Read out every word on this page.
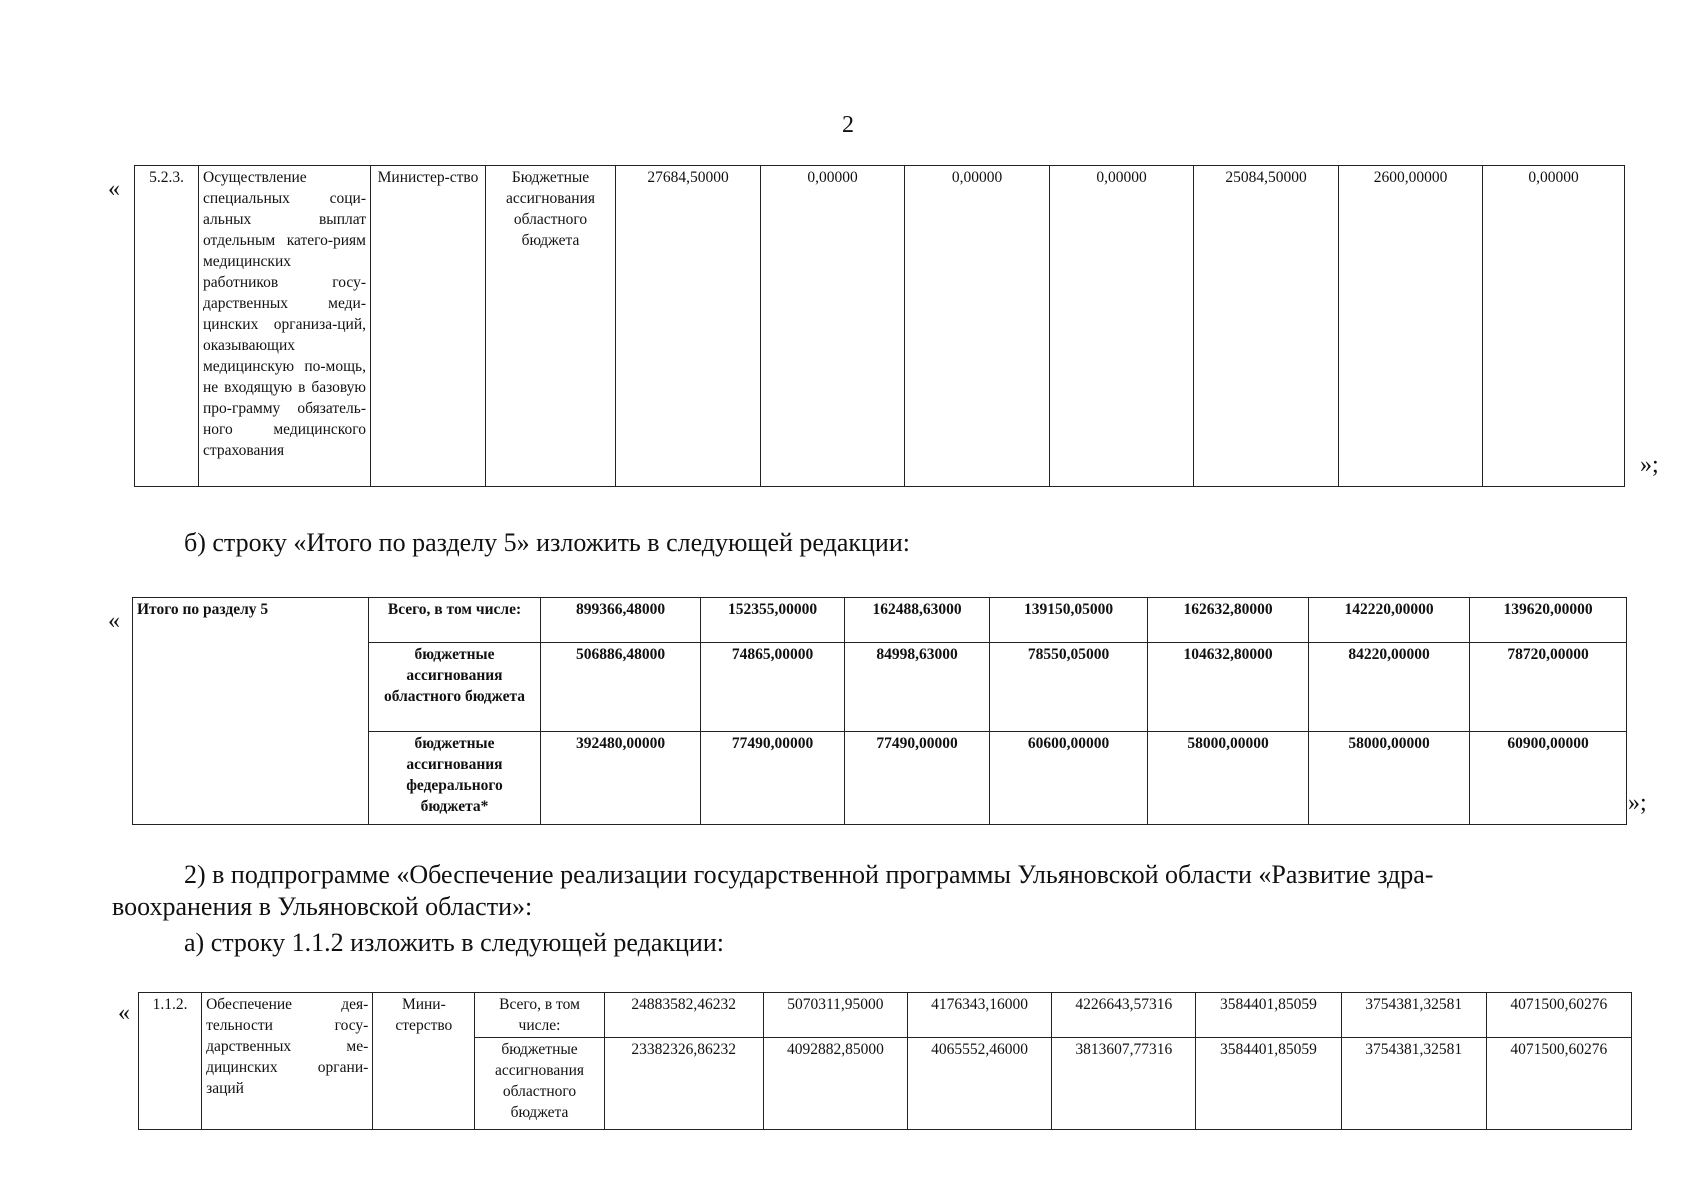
2
« 5.2.3.	Осуществление специальных соци-альных выплат отдельным катего-риям медицинских работников госу-дарственных меди-цинских организа-ций, оказывающих медицинскую по-мощь, не входящую в базовую про-грамму обязатель-ного медицинского страхования	Министер-ство	Бюджетные ассигнования областного бюджета	27684,50000	0,00000	0,00000	0,00000	25084,50000	2600,00000	0,00000
»;
б) строку «Итого по разделу 5» изложить в следующей редакции:
« Итого по разделу 5	Всего, в том числе:	899366,48000	152355,00000	162488,63000	139150,05000	162632,80000	142220,00000	139620,00000
	бюджетные ассигнования областного бюджета	506886,48000	74865,00000	84998,63000	78550,05000	104632,80000	84220,00000	78720,00000
	бюджетные ассигнования федерального бюджета*	392480,00000	77490,00000	77490,00000	60600,00000	58000,00000	58000,00000	60900,00000
»;
2) в подпрограмме «Обеспечение реализации государственной программы Ульяновской области «Развитие здра-
воохранения в Ульяновской области»:
а) строку 1.1.2 изложить в следующей редакции:
« 1.1.2.	Обеспечение дея-тельности госу-дарственных ме-дицинских органи-заций	Мини-стерство	Всего, в том числе:	24883582,46232	5070311,95000	4176343,16000	4226643,57316	3584401,85059	3754381,32581	4071500,60276
			бюджетные ассигнования областного бюджета	23382326,86232	4092882,85000	4065552,46000	3813607,77316	3584401,85059	3754381,32581	4071500,60276
